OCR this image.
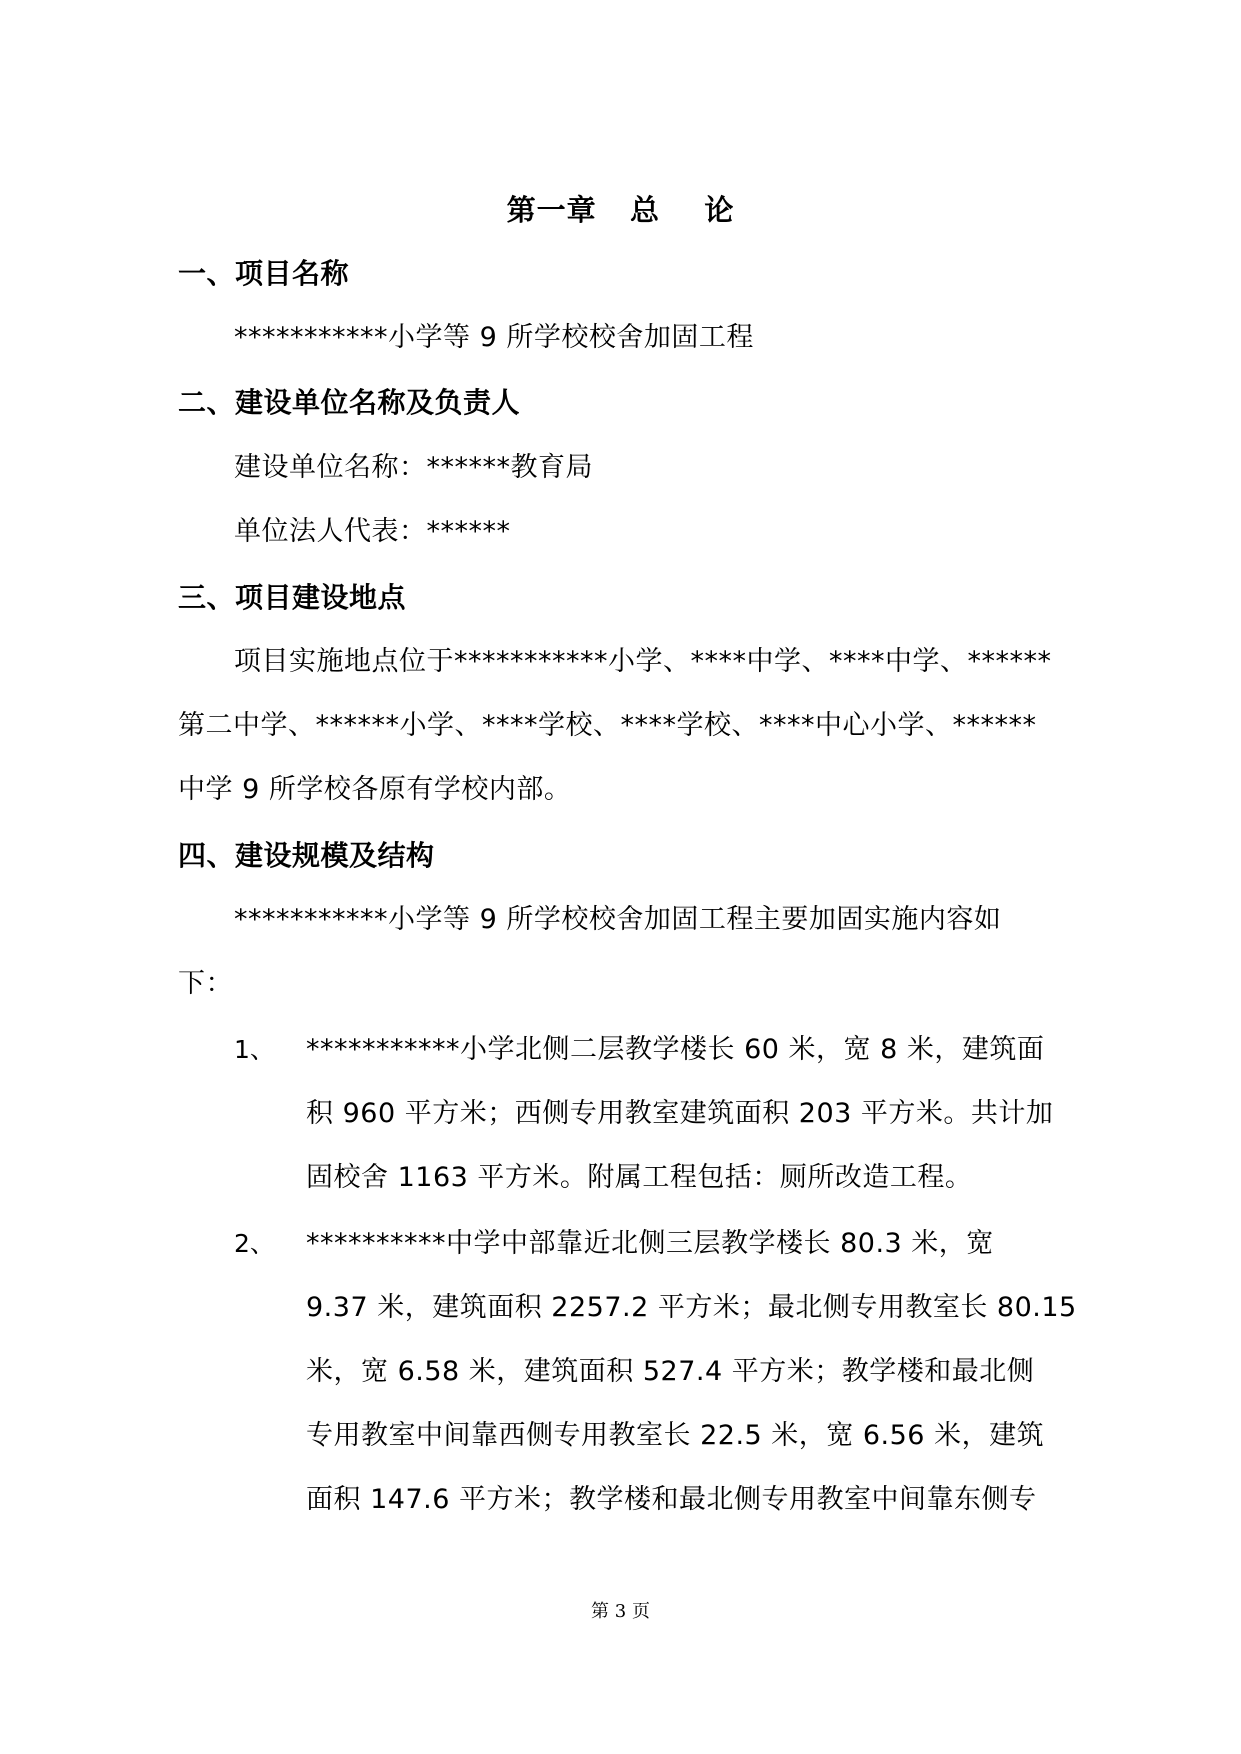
第一章   总    论
一、项目名称
***********小学等 9 所学校校舍加固工程
二、建设单位名称及负责人
建设单位名称：******教育局
单位法人代表：******
三、项目建设地点
项目实施地点位于***********小学、****中学、****中学、******
第二中学、******小学、****学校、****学校、****中心小学、******
中学 9 所学校各原有学校内部。
四、建设规模及结构
***********小学等 9 所学校校舍加固工程主要加固实施内容如
下：
1、 ***********小学北侧二层教学楼长 60 米，宽 8 米，建筑面
积 960 平方米；西侧专用教室建筑面积 203 平方米。共计加
固校舍 1163 平方米。附属工程包括：厕所改造工程。
2、 **********中学中部靠近北侧三层教学楼长 80.3 米，宽
9.37 米，建筑面积 2257.2 平方米；最北侧专用教室长 80.15
米，宽 6.58 米，建筑面积 527.4 平方米；教学楼和最北侧
专用教室中间靠西侧专用教室长 22.5 米，宽 6.56 米，建筑
面积 147.6 平方米；教学楼和最北侧专用教室中间靠东侧专
第 3 页
